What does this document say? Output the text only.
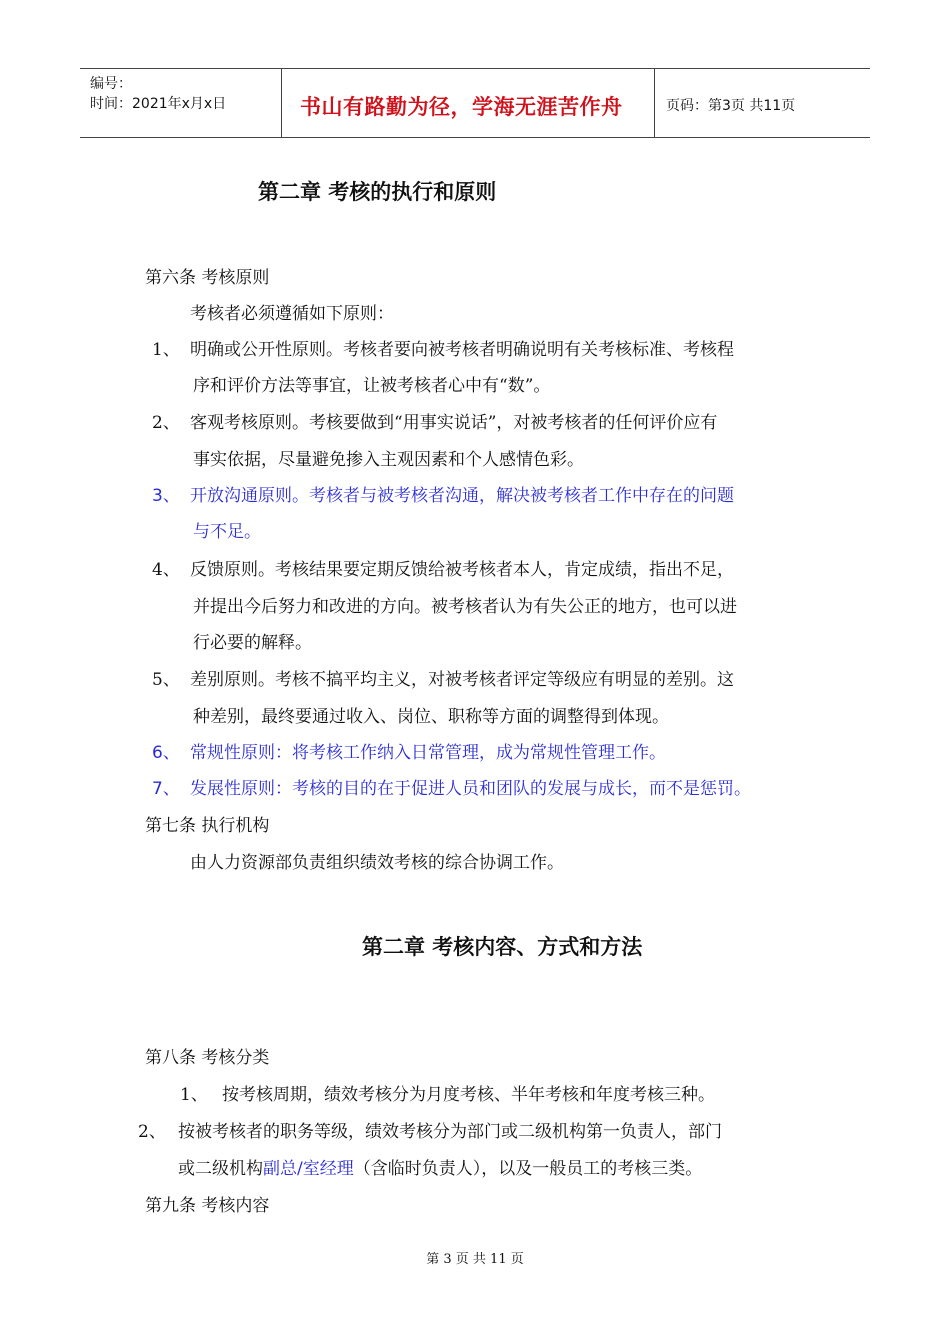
编号：
时间：2021年x月x日	书山有路勤为径，学海无涯苦作舟	页码：第3页 共11页
第二章 考核的执行和原则
第六条 考核原则
考核者必须遵循如下原则：
1、 明确或公开性原则。考核者要向被考核者明确说明有关考核标准、考核程
序和评价方法等事宜，让被考核者心中有“数”。
2、 客观考核原则。考核要做到“用事实说话”，对被考核者的任何评价应有
事实依据，尽量避免掺入主观因素和个人感情色彩。
3、 开放沟通原则。考核者与被考核者沟通，解决被考核者工作中存在的问题
与不足。
4、 反馈原则。考核结果要定期反馈给被考核者本人，肯定成绩，指出不足，
并提出今后努力和改进的方向。被考核者认为有失公正的地方，也可以进
行必要的解释。
5、 差别原则。考核不搞平均主义，对被考核者评定等级应有明显的差别。这
种差别，最终要通过收入、岗位、职称等方面的调整得到体现。
6、 常规性原则：将考核工作纳入日常管理，成为常规性管理工作。
7、 发展性原则：考核的目的在于促进人员和团队的发展与成长，而不是惩罚。
第七条 执行机构
由人力资源部负责组织绩效考核的综合协调工作。
第二章 考核内容、方式和方法
第八条 考核分类
1、 按考核周期，绩效考核分为月度考核、半年考核和年度考核三种。
2、 按被考核者的职务等级，绩效考核分为部门或二级机构第一负责人，部门
或二级机构副总/室经理（含临时负责人），以及一般员工的考核三类。
第九条 考核内容
第 3 页 共 11 页
